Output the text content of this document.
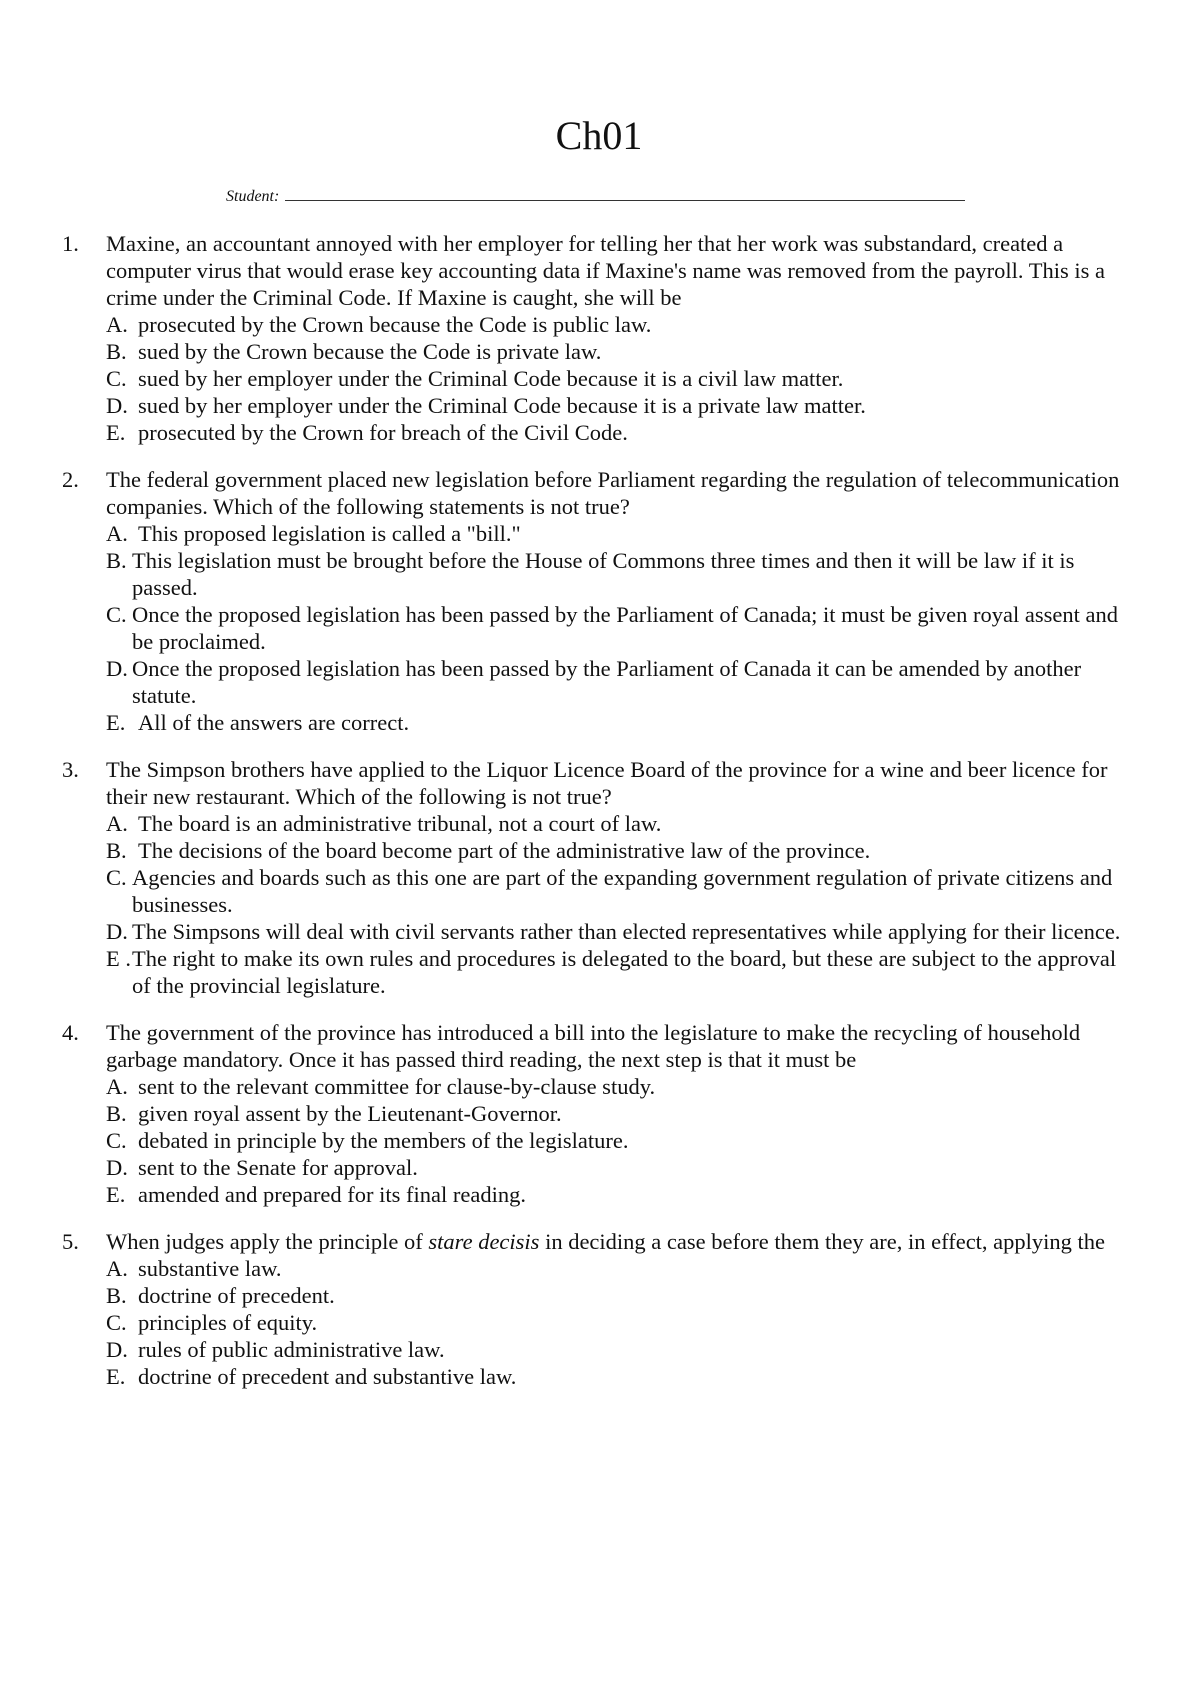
Ch01
Student:
1. Maxine, an accountant annoyed with her employer for telling her that her work was substandard, created a computer virus that would erase key accounting data if Maxine's name was removed from the payroll. This is a crime under the Criminal Code. If Maxine is caught, she will be
A. prosecuted by the Crown because the Code is public law.
B. sued by the Crown because the Code is private law.
C. sued by her employer under the Criminal Code because it is a civil law matter.
D. sued by her employer under the Criminal Code because it is a private law matter.
E. prosecuted by the Crown for breach of the Civil Code.
2. The federal government placed new legislation before Parliament regarding the regulation of telecommunication companies. Which of the following statements is not true?
A. This proposed legislation is called a "bill."
B. This legislation must be brought before the House of Commons three times and then it will be law if it is passed.
C. Once the proposed legislation has been passed by the Parliament of Canada; it must be given royal assent and be proclaimed.
D. Once the proposed legislation has been passed by the Parliament of Canada it can be amended by another statute.
E. All of the answers are correct.
3. The Simpson brothers have applied to the Liquor Licence Board of the province for a wine and beer licence for their new restaurant. Which of the following is not true?
A. The board is an administrative tribunal, not a court of law.
B. The decisions of the board become part of the administrative law of the province.
C. Agencies and boards such as this one are part of the expanding government regulation of private citizens and businesses.
D. The Simpsons will deal with civil servants rather than elected representatives while applying for their licence.
E . The right to make its own rules and procedures is delegated to the board, but these are subject to the approval of the provincial legislature.
4. The government of the province has introduced a bill into the legislature to make the recycling of household garbage mandatory. Once it has passed third reading, the next step is that it must be
A. sent to the relevant committee for clause-by-clause study.
B. given royal assent by the Lieutenant-Governor.
C. debated in principle by the members of the legislature.
D. sent to the Senate for approval.
E. amended and prepared for its final reading.
5. When judges apply the principle of stare decisis in deciding a case before them they are, in effect, applying the
A. substantive law.
B. doctrine of precedent.
C. principles of equity.
D. rules of public administrative law.
E. doctrine of precedent and substantive law.
